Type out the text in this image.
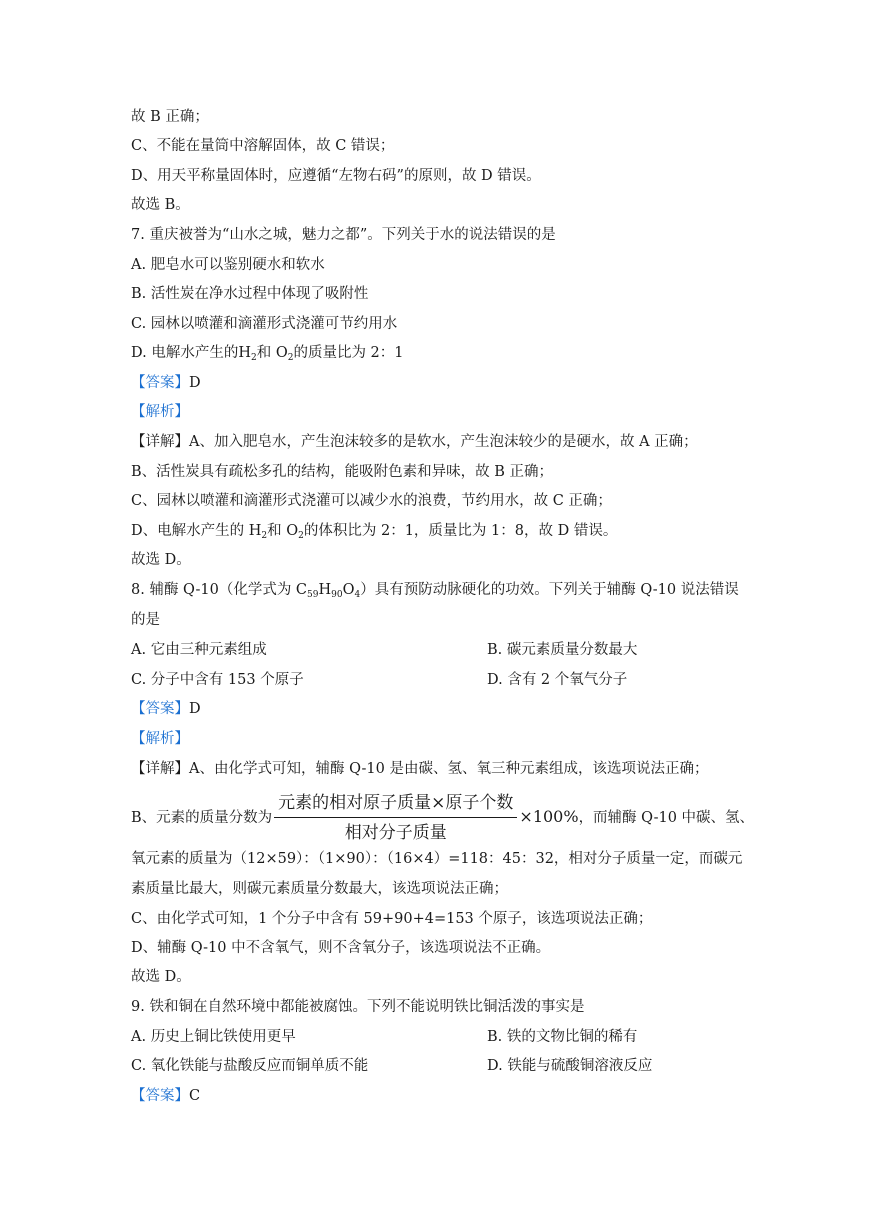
故 B 正确；
C、不能在量筒中溶解固体，故 C 错误；
D、用天平称量固体时，应遵循“左物右码”的原则，故 D 错误。
故选 B。
7. 重庆被誉为“山水之城，魅力之都”。下列关于水的说法错误的是
A. 肥皂水可以鉴别硬水和软水
B. 活性炭在净水过程中体现了吸附性
C. 园林以喷灌和滴灌形式浇灌可节约用水
D. 电解水产生的$H_2$和 $O_2$的质量比为 2：1
【答案】D
【解析】
【详解】A、加入肥皂水，产生泡沫较多的是软水，产生泡沫较少的是硬水，故 A 正确；
B、活性炭具有疏松多孔的结构，能吸附色素和异味，故 B 正确；
C、园林以喷灌和滴灌形式浇灌可以减少水的浪费，节约用水，故 C 正确；
D、电解水产生的 $H_2$和 $O_2$的体积比为 2：1，质量比为 1：8，故 D 错误。
故选 D。
8. 辅酶 Q-10（化学式为 $C_{59}H_{90}O_4$）具有预防动脉硬化的功效。下列关于辅酶 Q-10 说法错误
的是
A. 它由三种元素组成	B. 碳元素质量分数最大
C. 分子中含有 153 个原子	D. 含有 2 个氧气分子
【答案】D
【解析】
【详解】A、由化学式可知，辅酶 Q-10 是由碳、氢、氧三种元素组成，该选项说法正确；
B、元素的质量分数为 $\frac{\text{元素的相对原子质量×原子个数}}{\text{相对分子质量}} \times 100\%$，而辅酶 Q-10 中碳、氢、
氧元素的质量为（12×59）：（1×90）：（16×4）=118：45：32，相对分子质量一定，而碳元
素质量比最大，则碳元素质量分数最大，该选项说法正确；
C、由化学式可知，1 个分子中含有 59+90+4=153 个原子，该选项说法正确；
D、辅酶 Q-10 中不含氧气，则不含氧分子，该选项说法不正确。
故选 D。
9. 铁和铜在自然环境中都能被腐蚀。下列不能说明铁比铜活泼的事实是
A. 历史上铜比铁使用更早	B. 铁的文物比铜的稀有
C. 氧化铁能与盐酸反应而铜单质不能	D. 铁能与硫酸铜溶液反应
【答案】C
